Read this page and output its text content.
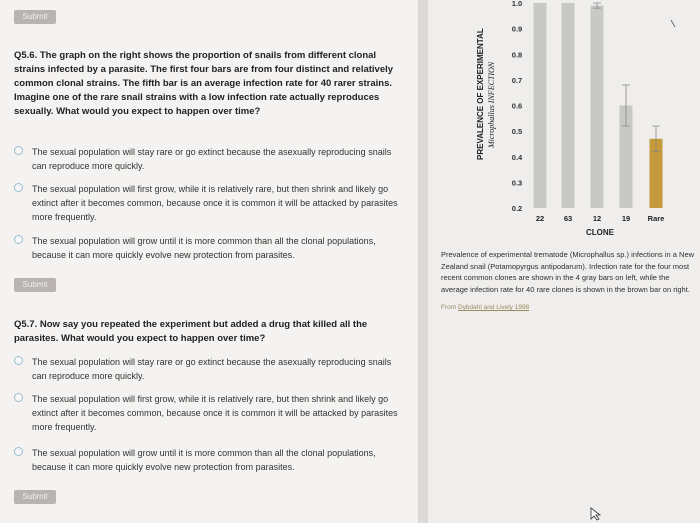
Submit
Q5.6. The graph on the right shows the proportion of snails from different clonal strains infected by a parasite. The first four bars are from four distinct and relatively common clonal strains. The fifth bar is an average infection rate for 40 rarer strains. Imagine one of the rare snail strains with a low infection rate actually reproduces sexually. What would you expect to happen over time?
The sexual population will stay rare or go extinct because the asexually reproducing snails can reproduce more quickly.
The sexual population will first grow, while it is relatively rare, but then shrink and likely go extinct after it becomes common, because once it is common it will be attacked by parasites more frequently.
The sexual population will grow until it is more common than all the clonal populations, because it can more quickly evolve new protection from parasites.
Submit
Q5.7. Now say you repeated the experiment but added a drug that killed all the parasites. What would you expect to happen over time?
The sexual population will stay rare or go extinct because the asexually reproducing snails can reproduce more quickly.
The sexual population will first grow, while it is relatively rare, but then shrink and likely go extinct after it becomes common, because once it is common it will be attacked by parasites more frequently.
The sexual population will grow until it is more common than all the clonal populations, because it can more quickly evolve new protection from parasites.
Submit
1.0
0.9
0.8
0.7
0.6
0.5
0.4
0.3
0.2
22	63	12	19 Rare
PREVALENCE OF EXPERIMENTAL Microphallus INFECTION
CLONE
Prevalence of experimental trematode (Microphallus sp.) infections in a New Zealand snail (Potamopyrgus antipodarum). Infection rate for the four most recent common clones are shown in the 4 gray bars on left, while the average infection rate for 40 rare clones is shown in the brown bar on right.
From Dybdahl and Lively 1998
